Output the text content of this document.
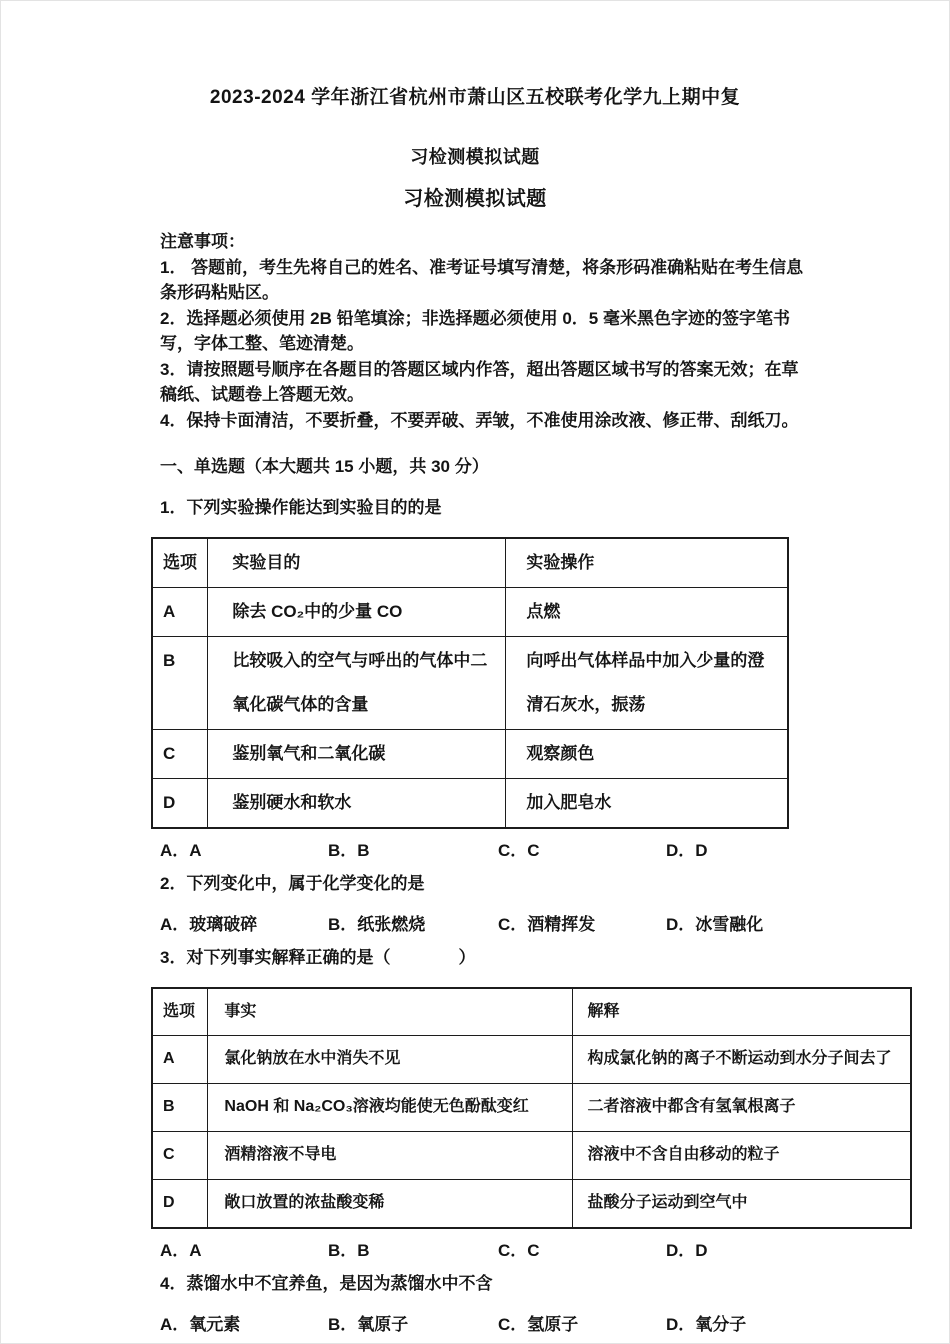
2023-2024 学年浙江省杭州市萧山区五校联考化学九上期中复

习检测模拟试题

习检测模拟试题

注意事项：

1． 答题前，考生先将自己的姓名、准考证号填写清楚，将条形码准确粘贴在考生信息条形码粘贴区。

2．选择题必须使用 2B 铅笔填涂；非选择题必须使用 0．5 毫米黑色字迹的签字笔书写，字体工整、笔迹清楚。

3．请按照题号顺序在各题目的答题区域内作答，超出答题区域书写的答案无效；在草稿纸、试题卷上答题无效。

4．保持卡面清洁，不要折叠，不要弄破、弄皱，不准使用涂改液、修正带、刮纸刀。

一、单选题（本大题共 15 小题，共 30 分）

1．下列实验操作能达到实验目的的是

选项	实验目的	实验操作
A	除去 CO₂中的少量 CO	点燃
B	比较吸入的空气与呼出的气体中二氧化碳气体的含量	向呼出气体样品中加入少量的澄清石灰水，振荡
C	鉴别氧气和二氧化碳	观察颜色
D	鉴别硬水和软水	加入肥皂水
A．A	B．B	C．C	D．D

2．下列变化中，属于化学变化的是

A．玻璃破碎	B．纸张燃烧	C．酒精挥发	D．冰雪融化

3．对下列事实解释正确的是（　　　　）

选项	事实	解释
A	氯化钠放在水中消失不见	构成氯化钠的离子不断运动到水分子间去了
B	NaOH 和 Na₂CO₃溶液均能使无色酚酞变红	二者溶液中都含有氢氧根离子
C	酒精溶液不导电	溶液中不含自由移动的粒子
D	敞口放置的浓盐酸变稀	盐酸分子运动到空气中
A．A	B．B	C．C	D．D

4．蒸馏水中不宜养鱼，是因为蒸馏水中不含

A．氧元素	B．氧原子	C．氢原子	D．氧分子
